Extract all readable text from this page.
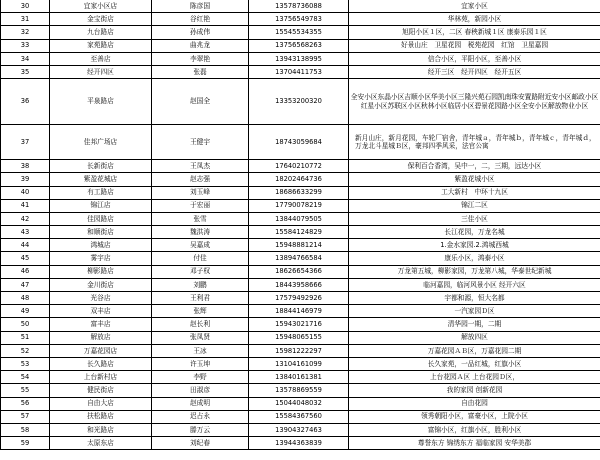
30	宜家小区店	陈彦国	13578736088	宜家小区
31	金宝街店	谷红艳	13756549783	华林苑，新园小区
32	九台路店	孙成伟	15545534355	旭阳小区１区，二区 春秧新城１区 康泰乐园１区
33	家苑路店	曲兆龙	13756568263	好景山庄　卫星花园　税苑花园　红馆　卫星嘉园
34	至善店	李翠艳	13943138995	信合小区，平阳小区，至善小区
35	经开四区	张磊	13704411753	经开三区　经开四区　经开五区
36	平泉路店	赵国全	13353200320	全安小区东晶小区吉顺小区华美小区三隆兴苑石园凯南珠安置路附近安小区邮政小区红星小区苏联区小区秋林小区临居小区碧景花园路小区全安小区解放物业小区
37	佳邦广场店	王健宇	18743059684	新月山庄，新月花园，车轮厂宿舍，青年城ａ，青年城ｂ，青年城ｃ，青年城ｄ，万龙北斗星城Ｂ区，豪邦四季风采，法官公寓
38	长新街店	王凤杰	17640210772	保利百合香湾，吴中一，二，三期，远达小区
39	紫盈花城店	赵志强	18202464736	紫盈花城小区
40	有工路店	刘玉峰	18686633299	工大新村　中环十九区
41	锦江店	于宏丽	17790078219	锦江二区
42	佳园路店	张雪	13844079505	三佳小区
43	和顺街店	魏洪涛	15584124829	长江花园，万龙名城
44	鸿城店	吴嘉成	15948881214	1.金水家园.2.鸿城西城
45	雾宇店	付佳	13894766584	康乐小区，鸿泰小区
46	柳影路店	邓子权	18626654366	万龙第五城，柳影家园，万龙第八城，华泰世纪新城
47	金川街店	刘鹏	18443958666	临河嘉园，临河风景小区 经开六区
48	光谷店	王利君	17579492926	宇都和源，恒大名都
49	双丰店	张辉	18844146979	一汽家园Ｄ区
50	富丰店	赵长利	15943021716	清华园一期，二期
51	解放店	张凤贤	15948065155	解放四区
52	万嘉花园店	王冰	15981222297	万嘉花园ＡＢ区，万嘉花园二期
53	长久路店	许玉坤	13104161099	长久家苑，一品红城，红旗小区
54	上台新村店	李野	13840161381	上台花园Ａ区 上台花园Ｄ区，
55	健民街店	田淑彦	13578869559	我的家园 创新花园
56	自由大店	赵成明	15044048032	自由花园
57	扶松路店	迟占永	15584367560	领秀朝阳小区，富豪小区，上院小区
58	和光路店	滕万云	13904327463	富锦小区，红旗小区，胜利小区
59	太原东店	刘纪春	13944363839	尊誉东方 锦绣东方 福临家园 安华美郡
